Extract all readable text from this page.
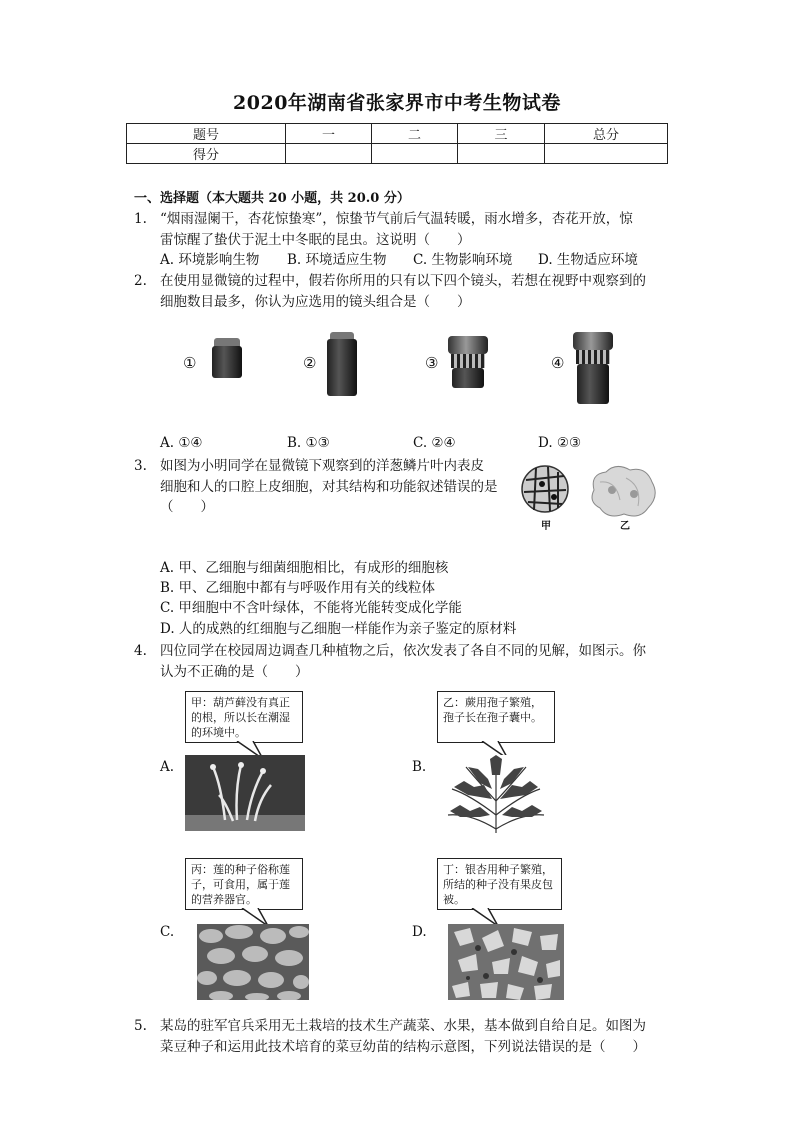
2020年湖南省张家界市中考生物试卷
题号	一	二	三	总分
得分				
一、选择题（本大题共 20 小题，共 20.0 分）
1. “烟雨湿阑干，杏花惊蛰寒”，惊蛰节气前后气温转暖，雨水增多，杏花开放，惊
雷惊醒了蛰伏于泥土中冬眠的昆虫。这说明（　　）
A. 环境影响生物 B. 环境适应生物 C. 生物影响环境 D. 生物适应环境
2. 在使用显微镜的过程中，假若你所用的只有以下四个镜头，若想在视野中观察到的
细胞数目最多，你认为应选用的镜头组合是（　　）
①	②	③	④
A. ①④	B. ①③	C. ②④	D. ②③
3. 如图为小明同学在显微镜下观察到的洋葱鳞片叶内表皮
细胞和人的口腔上皮细胞，对其结构和功能叙述错误的是
（　　）
甲	乙
A. 甲、乙细胞与细菌细胞相比，有成形的细胞核
B. 甲、乙细胞中都有与呼吸作用有关的线粒体
C. 甲细胞中不含叶绿体，不能将光能转变成化学能
D. 人的成熟的红细胞与乙细胞一样能作为亲子鉴定的原材料
4. 四位同学在校园周边调查几种植物之后，依次发表了各自不同的见解，如图示。你
认为不正确的是（　　）
甲：葫芦藓没有真正的根，所以长在潮湿的环境中。
A.
乙：蕨用孢子繁殖，孢子长在孢子囊中。
B.
丙：莲的种子俗称莲子，可食用，属于莲的营养器官。
C.
丁：银杏用种子繁殖，所结的种子没有果皮包被。
D.
5. 某岛的驻军官兵采用无土栽培的技术生产蔬菜、水果，基本做到自给自足。如图为
菜豆种子和运用此技术培育的菜豆幼苗的结构示意图，下列说法错误的是（　　）
